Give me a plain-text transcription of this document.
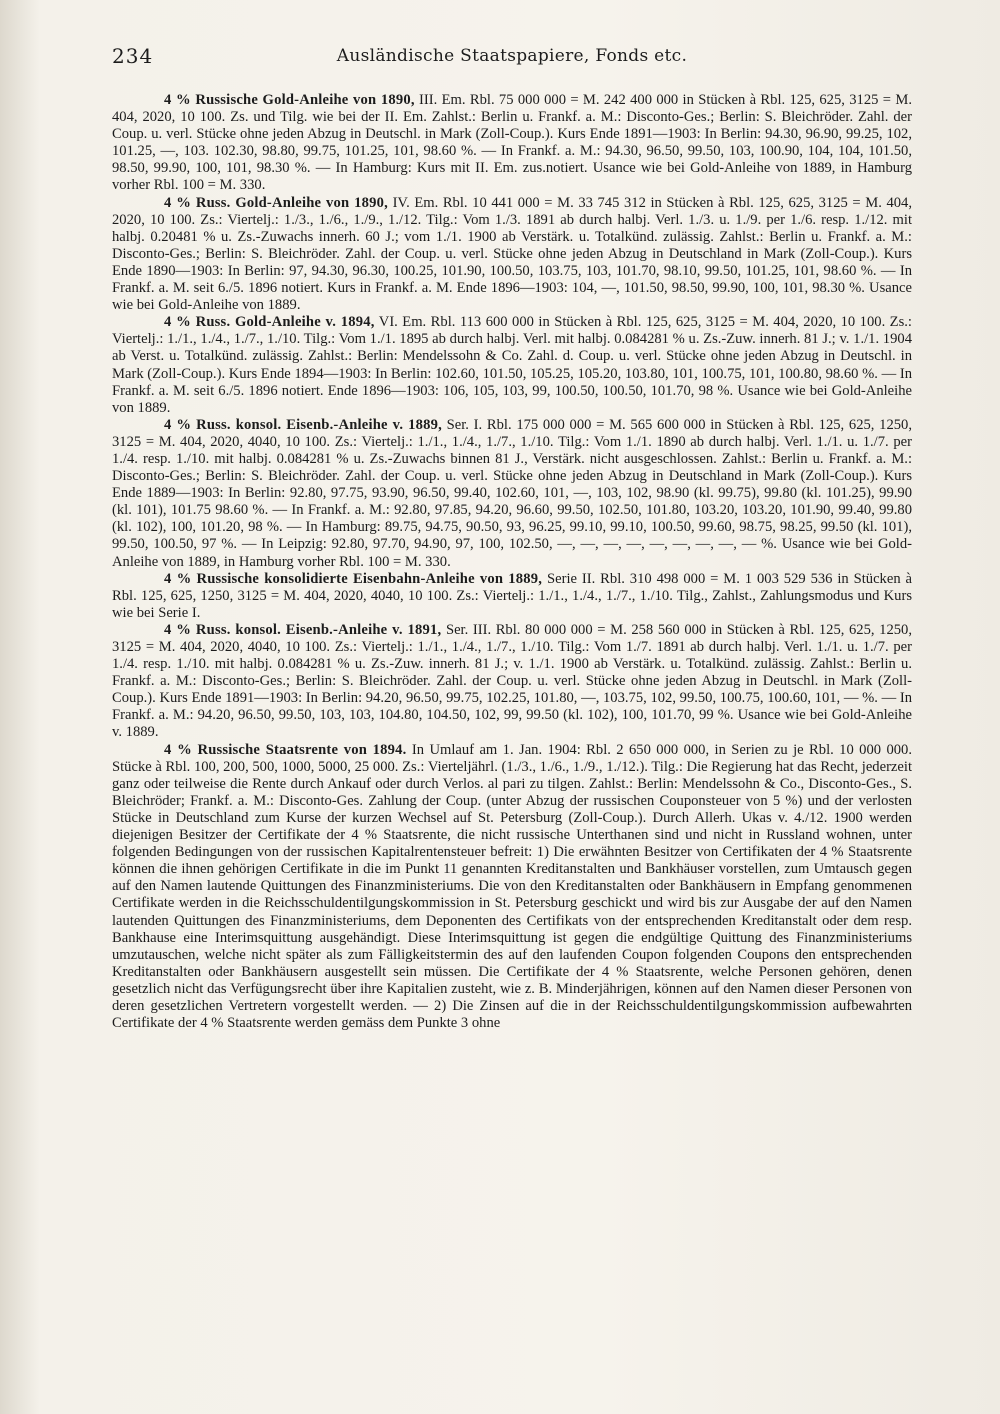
234	Ausländische Staatspapiere, Fonds etc.

4 % Russische Gold-Anleihe von 1890, III. Em. Rbl. 75 000 000 = M. 242 400 000 in Stücken à Rbl. 125, 625, 3125 = M. 404, 2020, 10 100. Zs. und Tilg. wie bei der II. Em. Zahlst.: Berlin u. Frankf. a. M.: Disconto-Ges.; Berlin: S. Bleichröder. Zahl. der Coup. u. verl. Stücke ohne jeden Abzug in Deutschl. in Mark (Zoll-Coup.). Kurs Ende 1891—1903: In Berlin: 94.30, 96.90, 99.25, 102, 101.25, —, 103. 102.30, 98.80, 99.75, 101.25, 101, 98.60 %. — In Frankf. a. M.: 94.30, 96.50, 99.50, 103, 100.90, 104, 104, 101.50, 98.50, 99.90, 100, 101, 98.30 %. — In Hamburg: Kurs mit II. Em. zus.notiert. Usance wie bei Gold-Anleihe von 1889, in Hamburg vorher Rbl. 100 = M. 330.

4 % Russ. Gold-Anleihe von 1890, IV. Em. Rbl. 10 441 000 = M. 33 745 312 in Stücken à Rbl. 125, 625, 3125 = M. 404, 2020, 10 100. Zs.: Viertelj.: 1./3., 1./6., 1./9., 1./12. Tilg.: Vom 1./3. 1891 ab durch halbj. Verl. 1./3. u. 1./9. per 1./6. resp. 1./12. mit halbj. 0.20481 % u. Zs.-Zuwachs innerh. 60 J.; vom 1./1. 1900 ab Verstärk. u. Totalkünd. zulässig. Zahlst.: Berlin u. Frankf. a. M.: Disconto-Ges.; Berlin: S. Bleichröder. Zahl. der Coup. u. verl. Stücke ohne jeden Abzug in Deutschland in Mark (Zoll-Coup.). Kurs Ende 1890—1903: In Berlin: 97, 94.30, 96.30, 100.25, 101.90, 100.50, 103.75, 103, 101.70, 98.10, 99.50, 101.25, 101, 98.60 %. — In Frankf. a. M. seit 6./5. 1896 notiert. Kurs in Frankf. a. M. Ende 1896—1903: 104, —, 101.50, 98.50, 99.90, 100, 101, 98.30 %. Usance wie bei Gold-Anleihe von 1889.

4 % Russ. Gold-Anleihe v. 1894, VI. Em. Rbl. 113 600 000 in Stücken à Rbl. 125, 625, 3125 = M. 404, 2020, 10 100. Zs.: Viertelj.: 1./1., 1./4., 1./7., 1./10. Tilg.: Vom 1./1. 1895 ab durch halbj. Verl. mit halbj. 0.084281 % u. Zs.-Zuw. innerh. 81 J.; v. 1./1. 1904 ab Verst. u. Totalkünd. zulässig. Zahlst.: Berlin: Mendelssohn & Co. Zahl. d. Coup. u. verl. Stücke ohne jeden Abzug in Deutschl. in Mark (Zoll-Coup.). Kurs Ende 1894—1903: In Berlin: 102.60, 101.50, 105.25, 105.20, 103.80, 101, 100.75, 101, 100.80, 98.60 %. — In Frankf. a. M. seit 6./5. 1896 notiert. Ende 1896—1903: 106, 105, 103, 99, 100.50, 100.50, 101.70, 98 %. Usance wie bei Gold-Anleihe von 1889.

4 % Russ. konsol. Eisenb.-Anleihe v. 1889, Ser. I. Rbl. 175 000 000 = M. 565 600 000 in Stücken à Rbl. 125, 625, 1250, 3125 = M. 404, 2020, 4040, 10 100. Zs.: Viertelj.: 1./1., 1./4., 1./7., 1./10. Tilg.: Vom 1./1. 1890 ab durch halbj. Verl. 1./1. u. 1./7. per 1./4. resp. 1./10. mit halbj. 0.084281 % u. Zs.-Zuwachs binnen 81 J., Verstärk. nicht ausgeschlossen. Zahlst.: Berlin u. Frankf. a. M.: Disconto-Ges.; Berlin: S. Bleichröder. Zahl. der Coup. u. verl. Stücke ohne jeden Abzug in Deutschland in Mark (Zoll-Coup.). Kurs Ende 1889—1903: In Berlin: 92.80, 97.75, 93.90, 96.50, 99.40, 102.60, 101, —, 103, 102, 98.90 (kl. 99.75), 99.80 (kl. 101.25), 99.90 (kl. 101), 101.75 98.60 %. — In Frankf. a. M.: 92.80, 97.85, 94.20, 96.60, 99.50, 102.50, 101.80, 103.20, 103.20, 101.90, 99.40, 99.80 (kl. 102), 100, 101.20, 98 %. — In Hamburg: 89.75, 94.75, 90.50, 93, 96.25, 99.10, 99.10, 100.50, 99.60, 98.75, 98.25, 99.50 (kl. 101), 99.50, 100.50, 97 %. — In Leipzig: 92.80, 97.70, 94.90, 97, 100, 102.50, —, —, —, —, —, —, —, —, — %. Usance wie bei Gold-Anleihe von 1889, in Hamburg vorher Rbl. 100 = M. 330.

4 % Russische konsolidierte Eisenbahn-Anleihe von 1889, Serie II. Rbl. 310 498 000 = M. 1 003 529 536 in Stücken à Rbl. 125, 625, 1250, 3125 = M. 404, 2020, 4040, 10 100. Zs.: Viertelj.: 1./1., 1./4., 1./7., 1./10. Tilg., Zahlst., Zahlungsmodus und Kurs wie bei Serie I.

4 % Russ. konsol. Eisenb.-Anleihe v. 1891, Ser. III. Rbl. 80 000 000 = M. 258 560 000 in Stücken à Rbl. 125, 625, 1250, 3125 = M. 404, 2020, 4040, 10 100. Zs.: Viertelj.: 1./1., 1./4., 1./7., 1./10. Tilg.: Vom 1./7. 1891 ab durch halbj. Verl. 1./1. u. 1./7. per 1./4. resp. 1./10. mit halbj. 0.084281 % u. Zs.-Zuw. innerh. 81 J.; v. 1./1. 1900 ab Verstärk. u. Totalkünd. zulässig. Zahlst.: Berlin u. Frankf. a. M.: Disconto-Ges.; Berlin: S. Bleichröder. Zahl. der Coup. u. verl. Stücke ohne jeden Abzug in Deutschl. in Mark (Zoll-Coup.). Kurs Ende 1891—1903: In Berlin: 94.20, 96.50, 99.75, 102.25, 101.80, —, 103.75, 102, 99.50, 100.75, 100.60, 101, — %. — In Frankf. a. M.: 94.20, 96.50, 99.50, 103, 103, 104.80, 104.50, 102, 99, 99.50 (kl. 102), 100, 101.70, 99 %. Usance wie bei Gold-Anleihe v. 1889.

4 % Russische Staatsrente von 1894. In Umlauf am 1. Jan. 1904: Rbl. 2 650 000 000, in Serien zu je Rbl. 10 000 000. Stücke à Rbl. 100, 200, 500, 1000, 5000, 25 000. Zs.: Vierteljährl. (1./3., 1./6., 1./9., 1./12.). Tilg.: Die Regierung hat das Recht, jederzeit ganz oder teilweise die Rente durch Ankauf oder durch Verlos. al pari zu tilgen. Zahlst.: Berlin: Mendelssohn & Co., Disconto-Ges., S. Bleichröder; Frankf. a. M.: Disconto-Ges. Zahlung der Coup. (unter Abzug der russischen Couponsteuer von 5 %) und der verlosten Stücke in Deutschland zum Kurse der kurzen Wechsel auf St. Petersburg (Zoll-Coup.). Durch Allerh. Ukas v. 4./12. 1900 werden diejenigen Besitzer der Certifikate der 4 % Staatsrente, die nicht russische Unterthanen sind und nicht in Russland wohnen, unter folgenden Bedingungen von der russischen Kapitalrentensteuer befreit: 1) Die erwähnten Besitzer von Certifikaten der 4 % Staatsrente können die ihnen gehörigen Certifikate in die im Punkt 11 genannten Kreditanstalten und Bankhäuser vorstellen, zum Umtausch gegen auf den Namen lautende Quittungen des Finanzministeriums. Die von den Kreditanstalten oder Bankhäusern in Empfang genommenen Certifikate werden in die Reichsschuldentilgungskommission in St. Petersburg geschickt und wird bis zur Ausgabe der auf den Namen lautenden Quittungen des Finanzministeriums, dem Deponenten des Certifikats von der entsprechenden Kreditanstalt oder dem resp. Bankhause eine Interimsquittung ausgehändigt. Diese Interimsquittung ist gegen die endgültige Quittung des Finanzministeriums umzutauschen, welche nicht später als zum Fälligkeitstermin des auf den laufenden Coupon folgenden Coupons den entsprechenden Kreditanstalten oder Bankhäusern ausgestellt sein müssen. Die Certifikate der 4 % Staatsrente, welche Personen gehören, denen gesetzlich nicht das Verfügungsrecht über ihre Kapitalien zusteht, wie z. B. Minderjährigen, können auf den Namen dieser Personen von deren gesetzlichen Vertretern vorgestellt werden. — 2) Die Zinsen auf die in der Reichsschuldentilgungskommission aufbewahrten Certifikate der 4 % Staatsrente werden gemäss dem Punkte 3 ohne
